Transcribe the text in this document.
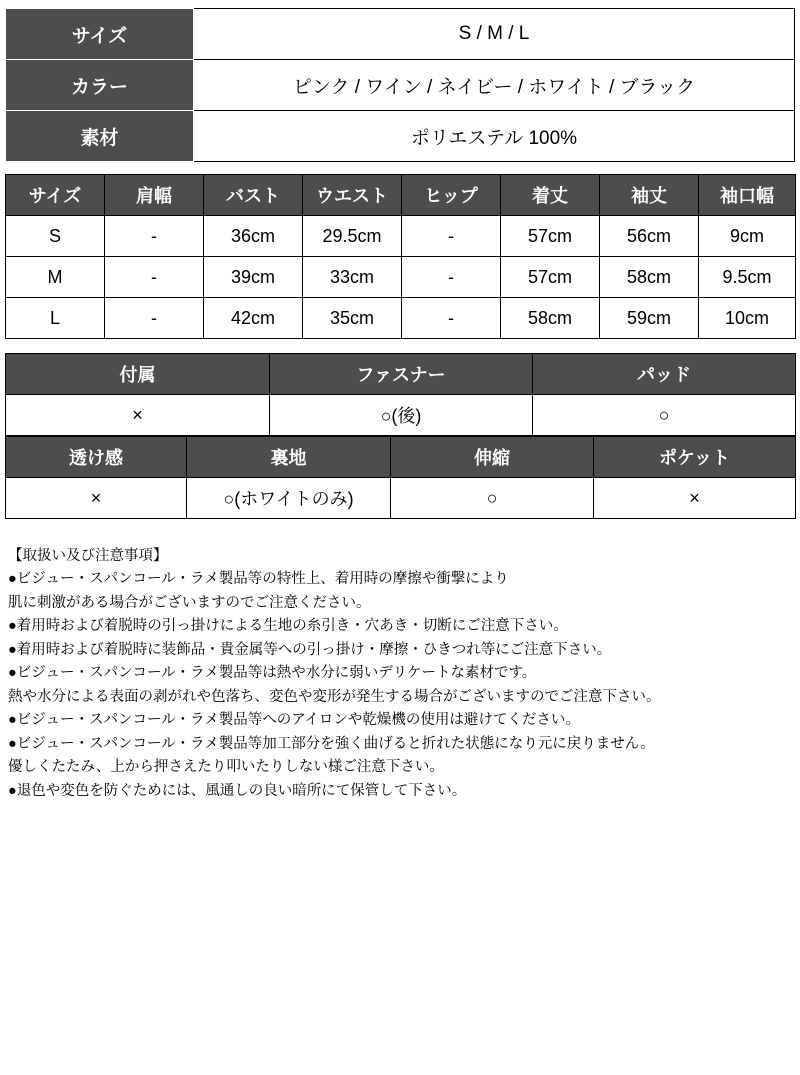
サイズ	S / M / L
カラー	ピンク / ワイン / ネイビー / ホワイト / ブラック
素材	ポリエステル 100%
サイズ	肩幅	バスト	ウエスト	ヒップ	着丈	袖丈	袖口幅
S	-	36cm	29.5cm	-	57cm	56cm	9cm
M	-	39cm	33cm	-	57cm	58cm	9.5cm
L	-	42cm	35cm	-	58cm	59cm	10cm
付属	ファスナー	パッド
×	○(後)	○
透け感	裏地	伸縮	ポケット
×	○(ホワイトのみ)	○	×
【取扱い及び注意事項】
●ビジュー・スパンコール・ラメ製品等の特性上、着用時の摩擦や衝撃により
肌に刺激がある場合がございますのでご注意ください。
●着用時および着脱時の引っ掛けによる生地の糸引き・穴あき・切断にご注意下さい。
●着用時および着脱時に装飾品・貴金属等への引っ掛け・摩擦・ひきつれ等にご注意下さい。
●ビジュー・スパンコール・ラメ製品等は熱や水分に弱いデリケートな素材です。
熱や水分による表面の剥がれや色落ち、変色や変形が発生する場合がございますのでご注意下さい。
●ビジュー・スパンコール・ラメ製品等へのアイロンや乾燥機の使用は避けてください。
●ビジュー・スパンコール・ラメ製品等加工部分を強く曲げると折れた状態になり元に戻りません。
優しくたたみ、上から押さえたり叩いたりしない様ご注意下さい。
●退色や変色を防ぐためには、風通しの良い暗所にて保管して下さい。
